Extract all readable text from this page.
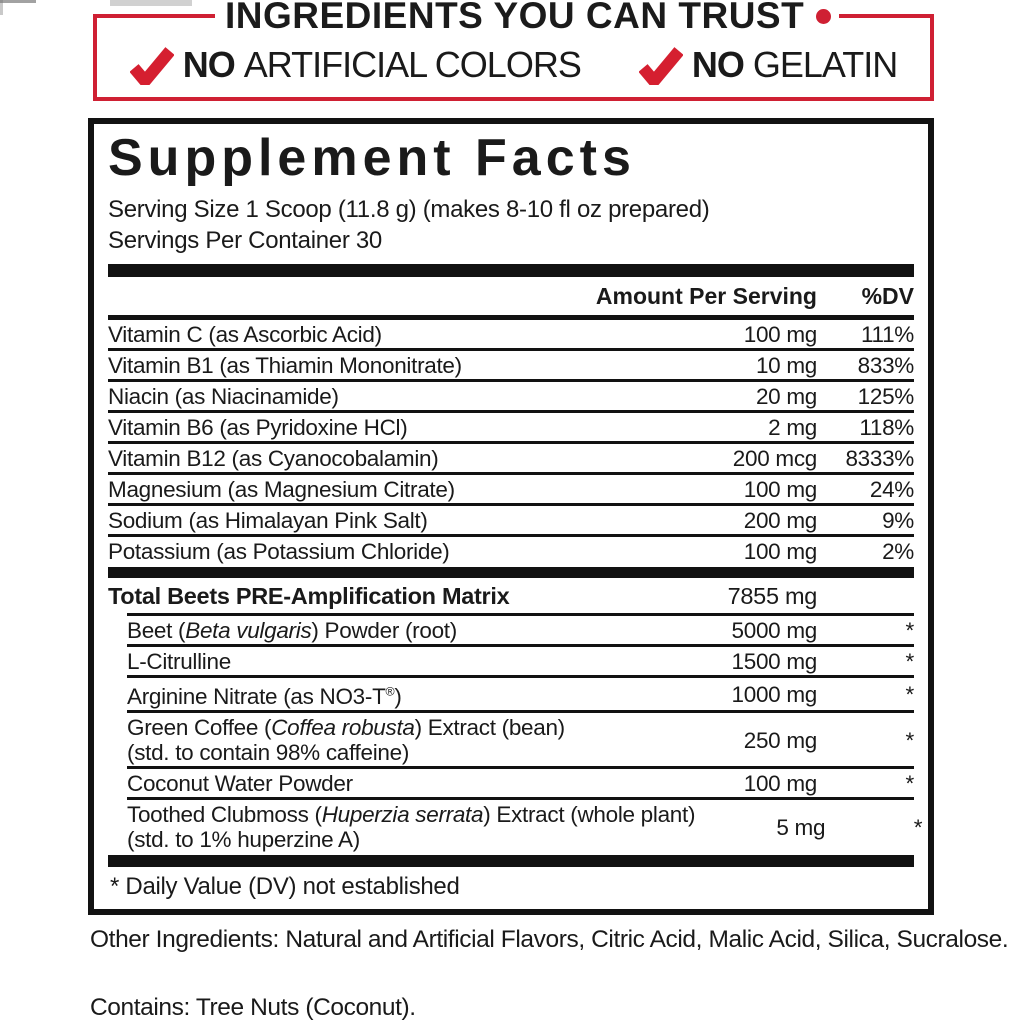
INGREDIENTS YOU CAN TRUST
NO ARTIFICIAL COLORS	NO GELATIN
Supplement Facts
Serving Size 1 Scoop (11.8 g) (makes 8-10 fl oz prepared)
Servings Per Container 30
Amount Per Serving	%DV
Vitamin C (as Ascorbic Acid)	100 mg	111%
Vitamin B1 (as Thiamin Mononitrate)	10 mg	833%
Niacin (as Niacinamide)	20 mg	125%
Vitamin B6 (as Pyridoxine HCl)	2 mg	118%
Vitamin B12 (as Cyanocobalamin)	200 mcg	8333%
Magnesium (as Magnesium Citrate)	100 mg	24%
Sodium (as Himalayan Pink Salt)	200 mg	9%
Potassium (as Potassium Chloride)	100 mg	2%
Total Beets PRE-Amplification Matrix	7855 mg
Beet (Beta vulgaris) Powder (root)	5000 mg	*
L-Citrulline	1500 mg	*
Arginine Nitrate (as NO3-T®)	1000 mg	*
Green Coffee (Coffea robusta) Extract (bean)
(std. to contain 98% caffeine)	250 mg	*
Coconut Water Powder	100 mg	*
Toothed Clubmoss (Huperzia serrata) Extract (whole plant)
(std. to 1% huperzine A)	5 mg	*
* Daily Value (DV) not established
Other Ingredients: Natural and Artificial Flavors, Citric Acid, Malic Acid, Silica, Sucralose.
Contains: Tree Nuts (Coconut).
